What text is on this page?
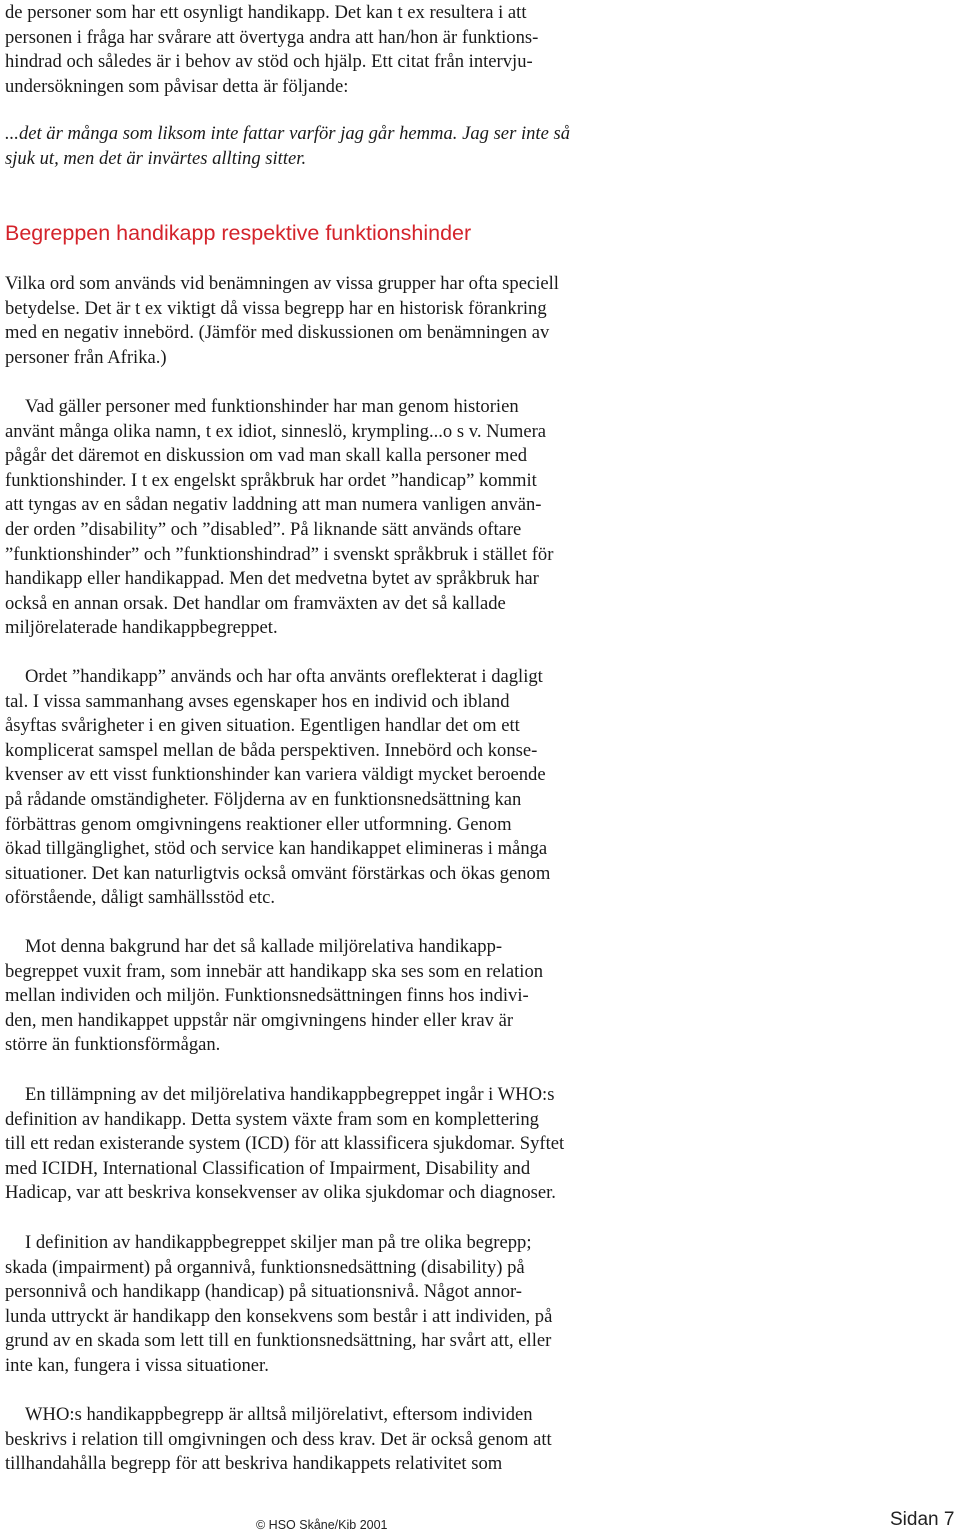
de personer som har ett osynligt handikapp. Det kan t ex resultera i att
personen i fråga har svårare att övertyga andra att han/hon är funktions-
hindrad och således är i behov av stöd och hjälp. Ett citat från intervju-
undersökningen som påvisar detta är följande:
...det är många som liksom inte fattar varför jag går hemma. Jag ser inte så
sjuk ut, men det är invärtes allting sitter.
Begreppen handikapp respektive funktionshinder
Vilka ord som används vid benämningen av vissa grupper har ofta speciell
betydelse. Det är t ex viktigt då vissa begrepp har en historisk förankring
med en negativ innebörd. (Jämför med diskussionen om benämningen av
personer från Afrika.)
Vad gäller personer med funktionshinder har man genom historien
använt många olika namn, t ex idiot, sinneslö, krympling...o s v. Numera
pågår det däremot en diskussion om vad man skall kalla personer med
funktionshinder. I t ex engelskt språkbruk har ordet ”handicap” kommit
att tyngas av en sådan negativ laddning att man numera vanligen använ-
der orden ”disability” och ”disabled”. På liknande sätt används oftare
”funktionshinder” och ”funktionshindrad” i svenskt språkbruk i stället för
handikapp eller handikappad. Men det medvetna bytet av språkbruk har
också en annan orsak. Det handlar om framväxten av det så kallade
miljörelaterade handikappbegreppet.
Ordet ”handikapp” används och har ofta använts oreflekterat i dagligt
tal. I vissa sammanhang avses egenskaper hos en individ och ibland
åsyftas svårigheter i en given situation. Egentligen handlar det om ett
komplicerat samspel mellan de båda perspektiven. Innebörd och konse-
kvenser av ett visst funktionshinder kan variera väldigt mycket beroende
på rådande omständigheter. Följderna av en funktionsnedsättning kan
förbättras genom omgivningens reaktioner eller utformning. Genom
ökad tillgänglighet, stöd och service kan handikappet elimineras i många
situationer. Det kan naturligtvis också omvänt förstärkas och ökas genom
oförstående, dåligt samhällsstöd etc.
Mot denna bakgrund har det så kallade miljörelativa handikapp-
begreppet vuxit fram, som innebär att handikapp ska ses som en relation
mellan individen och miljön. Funktionsnedsättningen finns hos indivi-
den, men handikappet uppstår när omgivningens hinder eller krav är
större än funktionsförmågan.
En tillämpning av det miljörelativa handikappbegreppet ingår i WHO:s
definition av handikapp. Detta system växte fram som en komplettering
till ett redan existerande system (ICD) för att klassificera sjukdomar. Syftet
med ICIDH, International Classification of Impairment, Disability and
Hadicap, var att beskriva konsekvenser av olika sjukdomar och diagnoser.
I definition av handikappbegreppet skiljer man på tre olika begrepp;
skada (impairment) på organnivå, funktionsnedsättning (disability) på
personnivå och handikapp (handicap) på situationsnivå. Något annor-
lunda uttryckt är handikapp den konsekvens som består i att individen, på
grund av en skada som lett till en funktionsnedsättning, har svårt att, eller
inte kan, fungera i vissa situationer.
WHO:s handikappbegrepp är alltså miljörelativt, eftersom individen
beskrivs i relation till omgivningen och dess krav. Det är också genom att
tillhandahålla begrepp för att beskriva handikappets relativitet som
© HSO Skåne/Kib 2001	Sidan 7
